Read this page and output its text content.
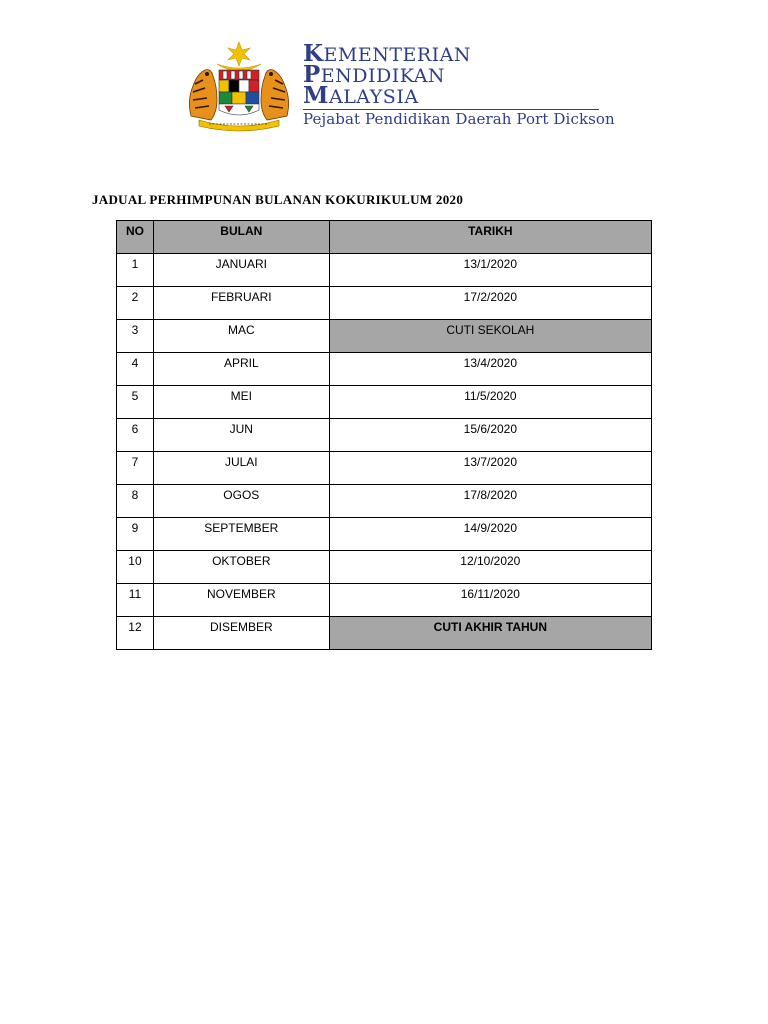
KEMENTERIAN
PENDIDIKAN
MALAYSIA
Pejabat Pendidikan Daerah Port Dickson
JADUAL PERHIMPUNAN BULANAN KOKURIKULUM 2020
NO	BULAN	TARIKH
1	JANUARI	13/1/2020
2	FEBRUARI	17/2/2020
3	MAC	CUTI SEKOLAH
4	APRIL	13/4/2020
5	MEI	11/5/2020
6	JUN	15/6/2020
7	JULAI	13/7/2020
8	OGOS	17/8/2020
9	SEPTEMBER	14/9/2020
10	OKTOBER	12/10/2020
11	NOVEMBER	16/11/2020
12	DISEMBER	CUTI AKHIR TAHUN
